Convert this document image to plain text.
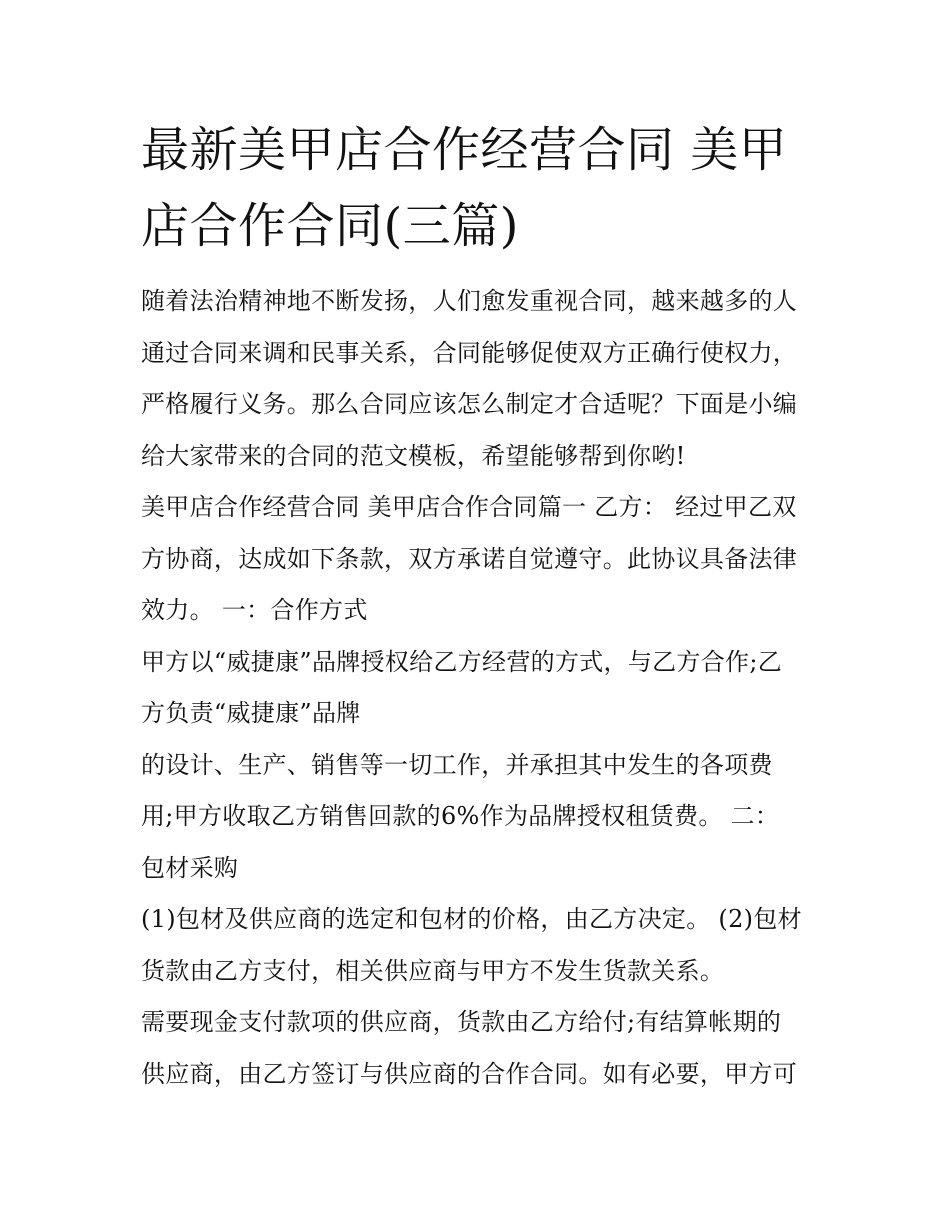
最新美甲店合作经营合同 美甲
店合作合同(三篇)

随着法治精神地不断发扬，人们愈发重视合同，越来越多的人
通过合同来调和民事关系，合同能够促使双方正确行使权力，
严格履行义务。那么合同应该怎么制定才合适呢？下面是小编
给大家带来的合同的范文模板，希望能够帮到你哟!

美甲店合作经营合同 美甲店合作合同篇一 乙方： 经过甲乙双
方协商，达成如下条款，双方承诺自觉遵守。此协议具备法律
效力。 一：合作方式

甲方以“威捷康”品牌授权给乙方经营的方式，与乙方合作;乙
方负责“威捷康”品牌

的设计、生产、销售等一切工作，并承担其中发生的各项费
用;甲方收取乙方销售回款的6%作为品牌授权租赁费。 二：
包材采购

(1)包材及供应商的选定和包材的价格，由乙方决定。 (2)包材
货款由乙方支付，相关供应商与甲方不发生货款关系。

需要现金支付款项的供应商，货款由乙方给付;有结算帐期的
供应商，由乙方签订与供应商的合作合同。如有必要，甲方可
